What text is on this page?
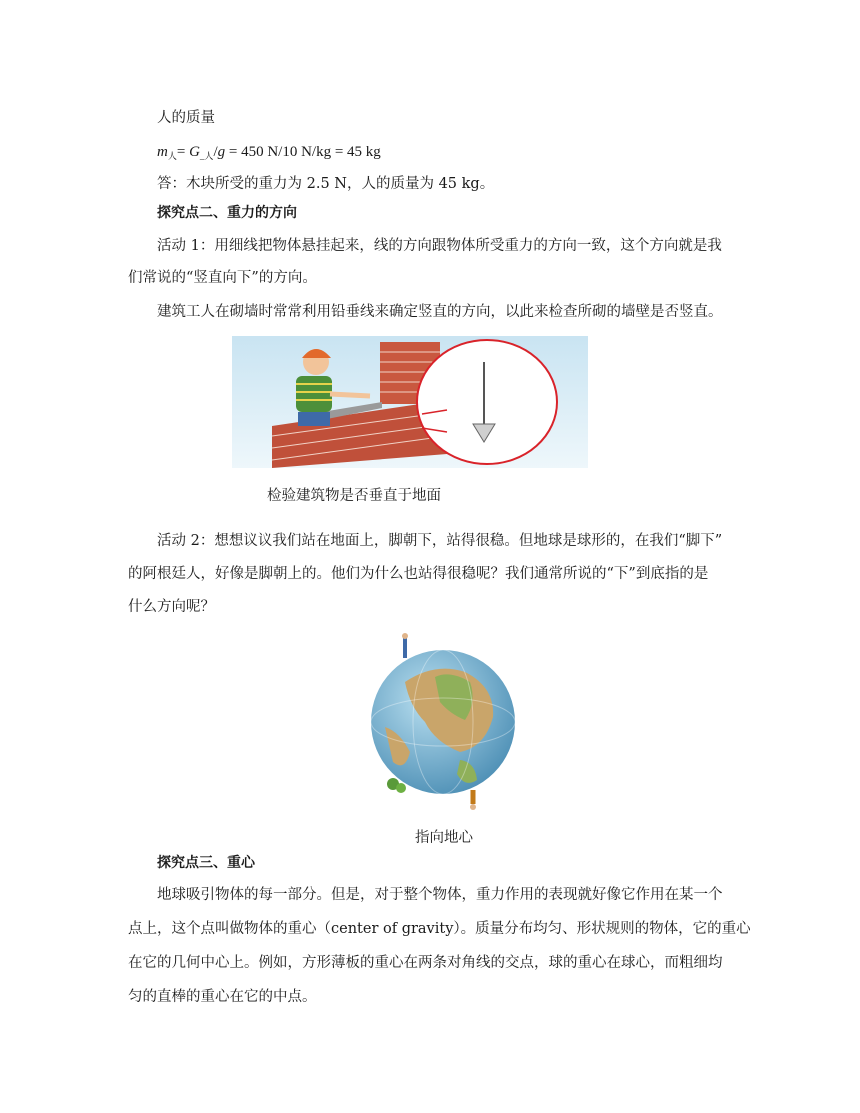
人的质量
$m_人= G_{\_人}/g = 450$ N/10 N/kg = 45 kg
答：木块所受的重力为 2.5 N，人的质量为 45 kg。
探究点二、重力的方向
活动 1：用细线把物体悬挂起来，线的方向跟物体所受重力的方向一致，这个方向就是我
们常说的“竖直向下”的方向。
建筑工人在砌墙时常常利用铅垂线来确定竖直的方向，以此来检查所砌的墙壁是否竖直。
检验建筑物是否垂直于地面
活动 2：想想议议我们站在地面上，脚朝下，站得很稳。但地球是球形的，在我们“脚下”
的阿根廷人，好像是脚朝上的。他们为什么也站得很稳呢？我们通常所说的“下”到底指的是
什么方向呢？
指向地心
探究点三、重心
地球吸引物体的每一部分。但是，对于整个物体，重力作用的表现就好像它作用在某一个
点上，这个点叫做物体的重心（center of gravity）。质量分布均匀、形状规则的物体，它的重心
在它的几何中心上。例如，方形薄板的重心在两条对角线的交点，球的重心在球心，而粗细均
匀的直棒的重心在它的中点。
